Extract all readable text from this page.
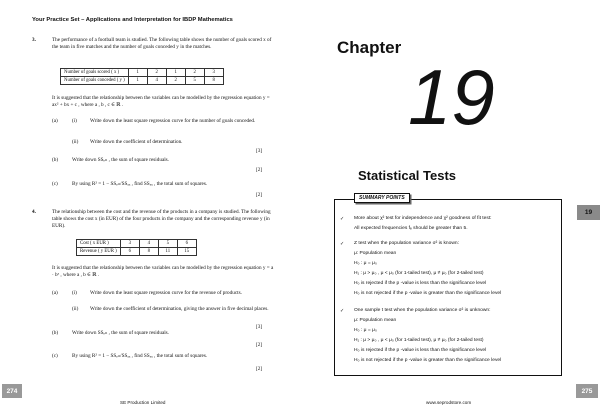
Your Practice Set – Applications and Interpretation for IBDP Mathematics
3.	The performance of a football team is studied. The following table shows the number of goals scored x of the team in five matches and the number of goals conceded y in the matches.
Number of goals scored ( x )	1	2	1	2	3
Number of goals conceded ( y )	1	4	2	5	8
It is suggested that the relationship between the variables can be modelled by the regression equation y = ax² + bx + c , where a , b , c ∈ ℝ .
(a)	(i)	Write down the least square regression curve for the number of goals conceded.
(ii) Write down the coefficient of determination.
[3]
(b)	Write down SSₑₗₗ , the sum of square residuals.
[2]
(c)	By using R² = 1 − SSₑₗₗ/SSₓₓ , find SSₓₓ , the total sum of squares.
[2]
4.	The relationship between the cost and the revenue of the products in a company is studied. The following table shows the cost x (in EUR) of the four products in the company and the corresponding revenue y (in EUR).
Cost ( x EUR )	3	4	5	6
Revenue ( y EUR )	6	8	11	15
It is suggested that the relationship between the variables can be modelled by the regression equation y = a · bˣ , where a , b ∈ ℝ .
(a)	(i)	Write down the least square regression curve for the revenue of products.
(ii) Write down the coefficient of determination, giving the answer in five decimal places.
[3]
(b)	Write down SSₑₗₗ , the sum of square residuals.
[2]
(c)	By using R² = 1 − SSₑₗₗ/SSₓₓ , find SSₓₓ , the total sum of squares.
[2]
274
SE Production Limited
Chapter
19
Statistical Tests
SUMMARY POINTS
19
✓ More about χ² test for independence and χ² goodness of fit test:
All expected frequencies fₑ should be greater than 5.
✓ Z test when the population variance σ² is known:
μ: Population mean
H₀ : μ = μ₀
H₁ : μ > μ₀ , μ < μ₀ (for 1-tailed test), μ ≠ μ₀ (for 2-tailed test)
H₀ is rejected if the p -value is less than the significance level
H₀ is not rejected if the p -value is greater than the significance level
✓ One sample t test when the population variance σ² is unknown:
μ: Population mean
H₀ : μ = μ₀
H₁ : μ > μ₀ , μ < μ₀ (for 1-tailed test), μ ≠ μ₀ (for 2-tailed test)
H₀ is rejected if the p -value is less than the significance level
H₀ is not rejected if the p -value is greater than the significance level
275
www.seprodstore.com
